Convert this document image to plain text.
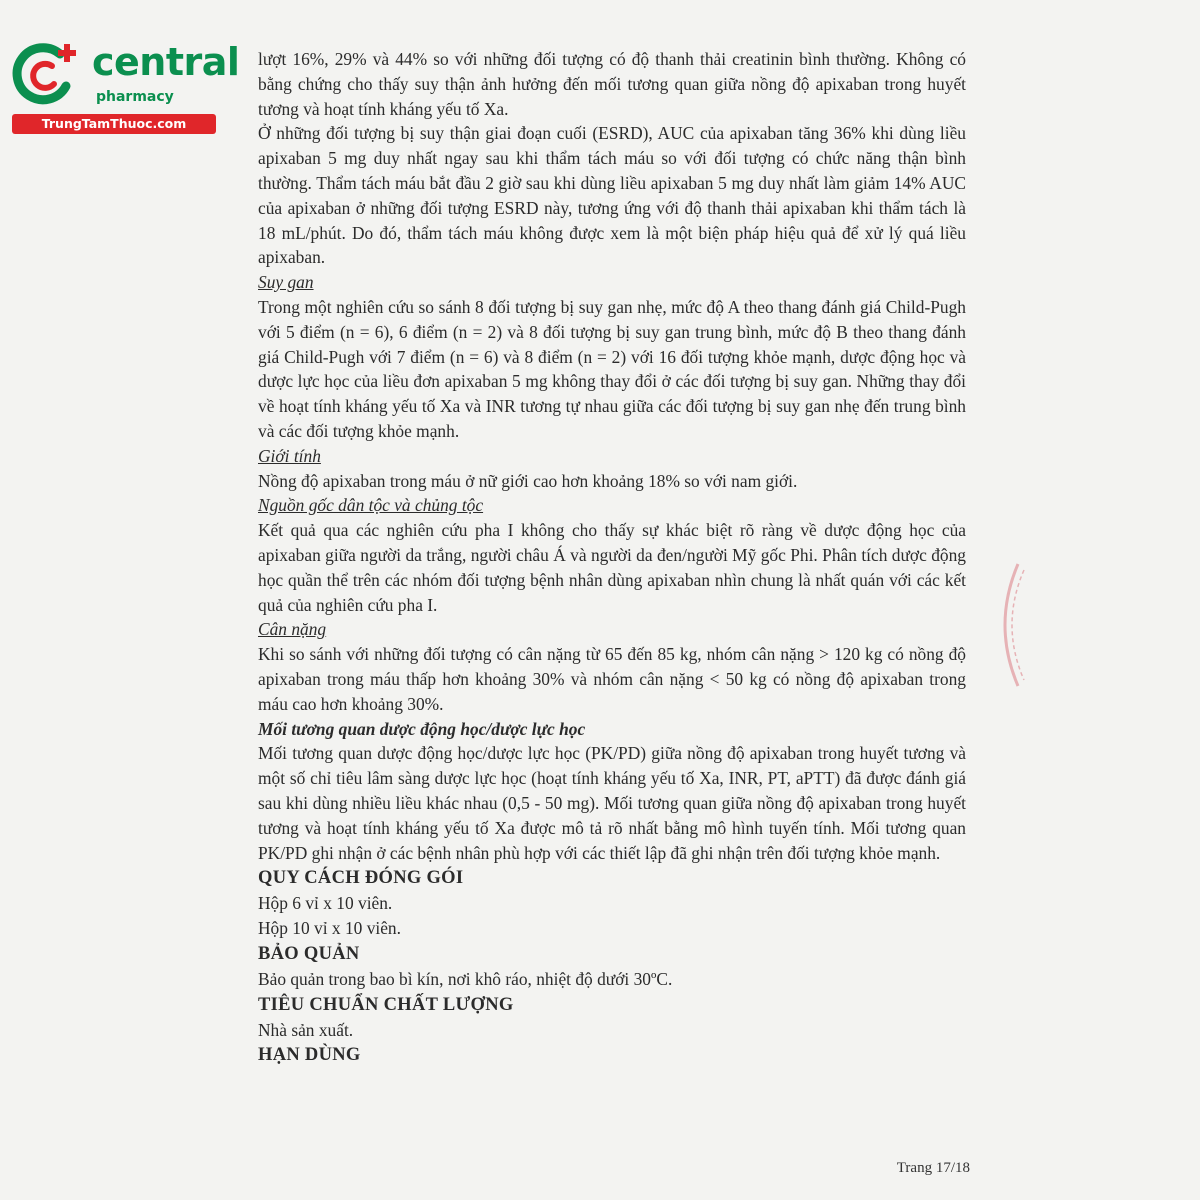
central
pharmacy
TrungTamThuoc.com

lượt 16%, 29% và 44% so với những đối tượng có độ thanh thải creatinin bình thường. Không có bằng chứng cho thấy suy thận ảnh hưởng đến mối tương quan giữa nồng độ apixaban trong huyết tương và hoạt tính kháng yếu tố Xa.

Ở những đối tượng bị suy thận giai đoạn cuối (ESRD), AUC của apixaban tăng 36% khi dùng liều apixaban 5 mg duy nhất ngay sau khi thẩm tách máu so với đối tượng có chức năng thận bình thường. Thẩm tách máu bắt đầu 2 giờ sau khi dùng liều apixaban 5 mg duy nhất làm giảm 14% AUC của apixaban ở những đối tượng ESRD này, tương ứng với độ thanh thải apixaban khi thẩm tách là 18 mL/phút. Do đó, thẩm tách máu không được xem là một biện pháp hiệu quả để xử lý quá liều apixaban.

Suy gan

Trong một nghiên cứu so sánh 8 đối tượng bị suy gan nhẹ, mức độ A theo thang đánh giá Child-Pugh với 5 điểm (n = 6), 6 điểm (n = 2) và 8 đối tượng bị suy gan trung bình, mức độ B theo thang đánh giá Child-Pugh với 7 điểm (n = 6) và 8 điểm (n = 2) với 16 đối tượng khỏe mạnh, dược động học và dược lực học của liều đơn apixaban 5 mg không thay đổi ở các đối tượng bị suy gan. Những thay đổi về hoạt tính kháng yếu tố Xa và INR tương tự nhau giữa các đối tượng bị suy gan nhẹ đến trung bình và các đối tượng khỏe mạnh.

Giới tính

Nồng độ apixaban trong máu ở nữ giới cao hơn khoảng 18% so với nam giới.

Nguồn gốc dân tộc và chủng tộc

Kết quả qua các nghiên cứu pha I không cho thấy sự khác biệt rõ ràng về dược động học của apixaban giữa người da trắng, người châu Á và người da đen/người Mỹ gốc Phi. Phân tích dược động học quần thể trên các nhóm đối tượng bệnh nhân dùng apixaban nhìn chung là nhất quán với các kết quả của nghiên cứu pha I.

Cân nặng

Khi so sánh với những đối tượng có cân nặng từ 65 đến 85 kg, nhóm cân nặng > 120 kg có nồng độ apixaban trong máu thấp hơn khoảng 30% và nhóm cân nặng < 50 kg có nồng độ apixaban trong máu cao hơn khoảng 30%.

Mối tương quan dược động học/dược lực học

Mối tương quan dược động học/dược lực học (PK/PD) giữa nồng độ apixaban trong huyết tương và một số chỉ tiêu lâm sàng dược lực học (hoạt tính kháng yếu tố Xa, INR, PT, aPTT) đã được đánh giá sau khi dùng nhiều liều khác nhau (0,5 - 50 mg). Mối tương quan giữa nồng độ apixaban trong huyết tương và hoạt tính kháng yếu tố Xa được mô tả rõ nhất bằng mô hình tuyến tính. Mối tương quan PK/PD ghi nhận ở các bệnh nhân phù hợp với các thiết lập đã ghi nhận trên đối tượng khỏe mạnh.

QUY CÁCH ĐÓNG GÓI

Hộp 6 vỉ x 10 viên.

Hộp 10 vỉ x 10 viên.

BẢO QUẢN

Bảo quản trong bao bì kín, nơi khô ráo, nhiệt độ dưới 30ºC.

TIÊU CHUẨN CHẤT LƯỢNG

Nhà sản xuất.

HẠN DÙNG

Trang 17/18
